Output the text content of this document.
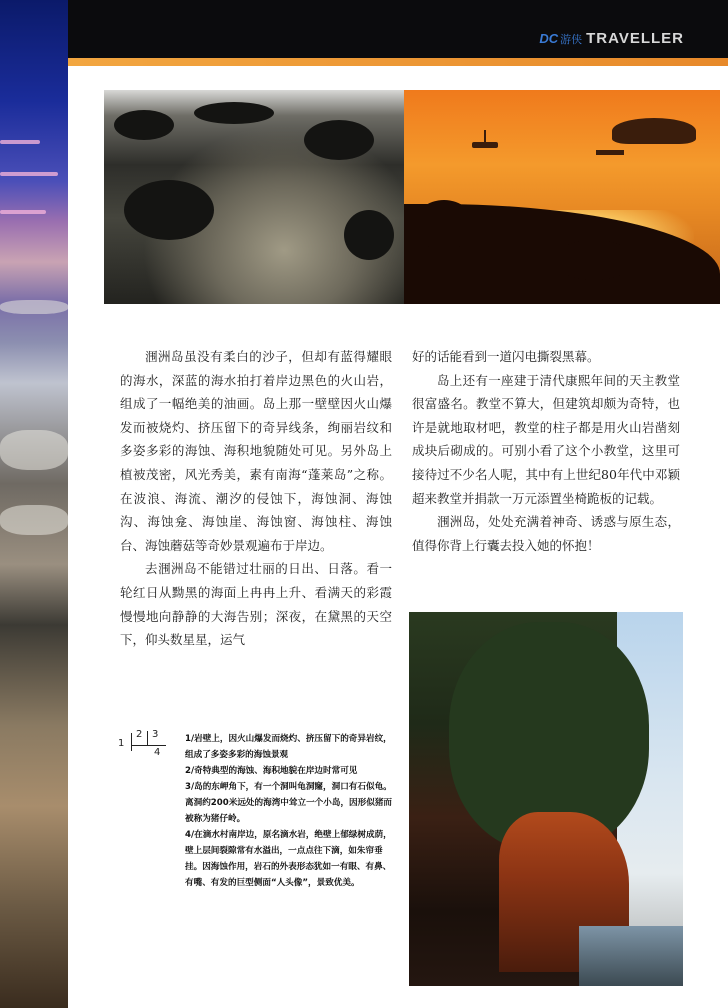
DC 游侠 TRAVELLER

涠洲岛虽没有柔白的沙子，但却有蓝得耀眼的海水，深蓝的海水拍打着岸边黑色的火山岩，组成了一幅绝美的油画。岛上那一壁壁因火山爆发而被烧灼、挤压留下的奇异线条，绚丽岩纹和多姿多彩的海蚀、海积地貌随处可见。另外岛上植被茂密，风光秀美，素有南海“蓬莱岛”之称。在波浪、海流、潮汐的侵蚀下，海蚀洞、海蚀沟、海蚀龛、海蚀崖、海蚀窗、海蚀柱、海蚀台、海蚀蘑菇等奇妙景观遍布于岸边。

去涠洲岛不能错过壮丽的日出、日落。看一轮红日从黝黑的海面上冉冉上升、看满天的彩霞慢慢地向静静的大海告别；深夜，在黛黑的天空下，仰头数星星，运气

好的话能看到一道闪电撕裂黑幕。

岛上还有一座建于清代康熙年间的天主教堂很富盛名。教堂不算大，但建筑却颇为奇特，也许是就地取材吧，教堂的柱子都是用火山岩凿刻成块后砌成的。可别小看了这个小教堂，这里可接待过不少名人呢，其中有上世纪80年代中邓颖超来教堂并捐款一万元添置坐椅跪板的记载。

涠洲岛，处处充满着神奇、诱惑与原生态，值得你背上行囊去投入她的怀抱！

1
2 3
4

1/岩壁上，因火山爆发而烧灼、挤压留下的奇异岩纹，组成了多姿多彩的海蚀景观

2/奇特典型的海蚀、海积地貌在岸边时常可见

3/岛的东岬角下，有一个洞叫龟洞窿，洞口有石似龟。离洞约200米远处的海湾中耸立一个小岛，因形似猪而被称为猪仔岭。

4/在滴水村南岸边，原名滴水岩，绝壁上郁绿树成荫，壁上层间裂隙常有水溢出，一点点往下滴，如朱帘垂挂。因海蚀作用，岩石的外表形态犹如一有眼、有鼻、有嘴、有发的巨型侧面“人头像”，景致优美。
